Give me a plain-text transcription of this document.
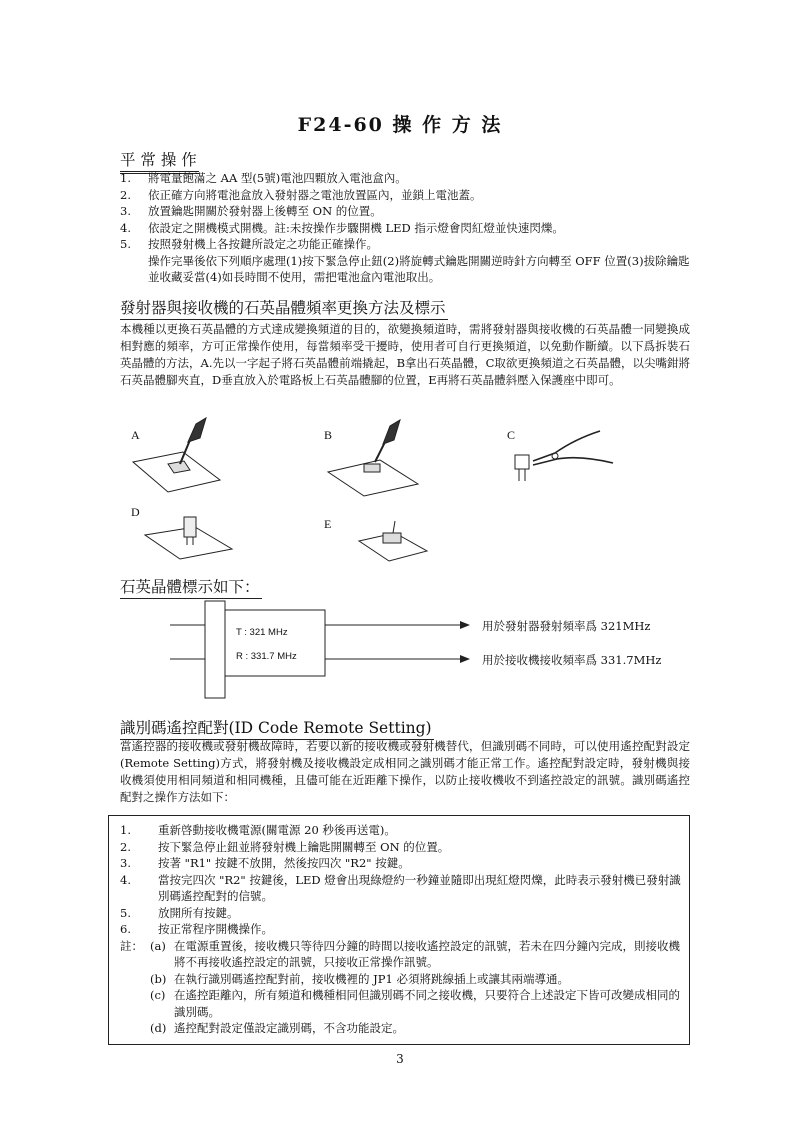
F24-60 操 作 方 法
平 常 操 作
1.	將電量飽滿之 AA 型(5號)電池四顆放入電池盒內。
2.	依正確方向將電池盒放入發射器之電池放置區內，並鎖上電池蓋。
3.	放置鑰匙開關於發射器上後轉至 ON 的位置。
4.	依設定之開機模式開機。註:未按操作步驟開機 LED 指示燈會閃紅燈並快速閃爍。
5.	按照發射機上各按鍵所設定之功能正確操作。
操作完畢後依下列順序處理(1)按下緊急停止鈕(2)將旋轉式鑰匙開關逆時針方向轉至 OFF 位置(3)拔除鑰匙並收藏妥當(4)如長時間不使用，需把電池盒內電池取出。
發射器與接收機的石英晶體頻率更換方法及標示
本機種以更換石英晶體的方式達成變換頻道的目的，欲變換頻道時，需將發射器與接收機的石英晶體一同變換成相對應的頻率，方可正常操作使用，每當頻率受干擾時，使用者可自行更換頻道，以免動作斷續。以下爲拆裝石英晶體的方法，A.先以一字起子將石英晶體前端撬起，B拿出石英晶體，C取欲更換頻道之石英晶體，以尖嘴鉗將石英晶體腳夾直，D垂直放入於電路板上石英晶體腳的位置，E再將石英晶體斜壓入保護座中即可。
A	B	C
D
E
石英晶體標示如下：
T : 321 MHz
R : 331.7 MHz
用於發射器發射頻率爲 321MHz
用於接收機接收頻率爲 331.7MHz
識別碼遙控配對(ID Code Remote Setting)
當遙控器的接收機或發射機故障時，若要以新的接收機或發射機替代，但識別碼不同時，可以使用遙控配對設定(Remote Setting)方式，將發射機及接收機設定成相同之識別碼才能正常工作。遙控配對設定時，發射機與接收機須使用相同頻道和相同機種，且儘可能在近距離下操作，以防止接收機收不到遙控設定的訊號。識別碼遙控配對之操作方法如下：
1.	重新啓動接收機電源(關電源 20 秒後再送電)。
2.	按下緊急停止鈕並將發射機上鑰匙開關轉至 ON 的位置。
3.	按著 "R1" 按鍵不放開，然後按四次 "R2" 按鍵。
4.	當按完四次 "R2" 按鍵後，LED 燈會出現綠燈約一秒鐘並隨即出現紅燈閃爍，此時表示發射機已發射識別碼遙控配對的信號。
5.	放開所有按鍵。
6.	按正常程序開機操作。
註： (a) 在電源重置後，接收機只等待四分鐘的時間以接收遙控設定的訊號，若未在四分鐘內完成，則接收機將不再接收遙控設定的訊號，只接收正常操作訊號。
(b) 在執行識別碼遙控配對前，接收機裡的 JP1 必須將跳線插上或讓其兩端導通。
(c) 在遙控距離內，所有頻道和機種相同但識別碼不同之接收機，只要符合上述設定下皆可改變成相同的識別碼。
(d) 遙控配對設定僅設定識別碼，不含功能設定。
3
